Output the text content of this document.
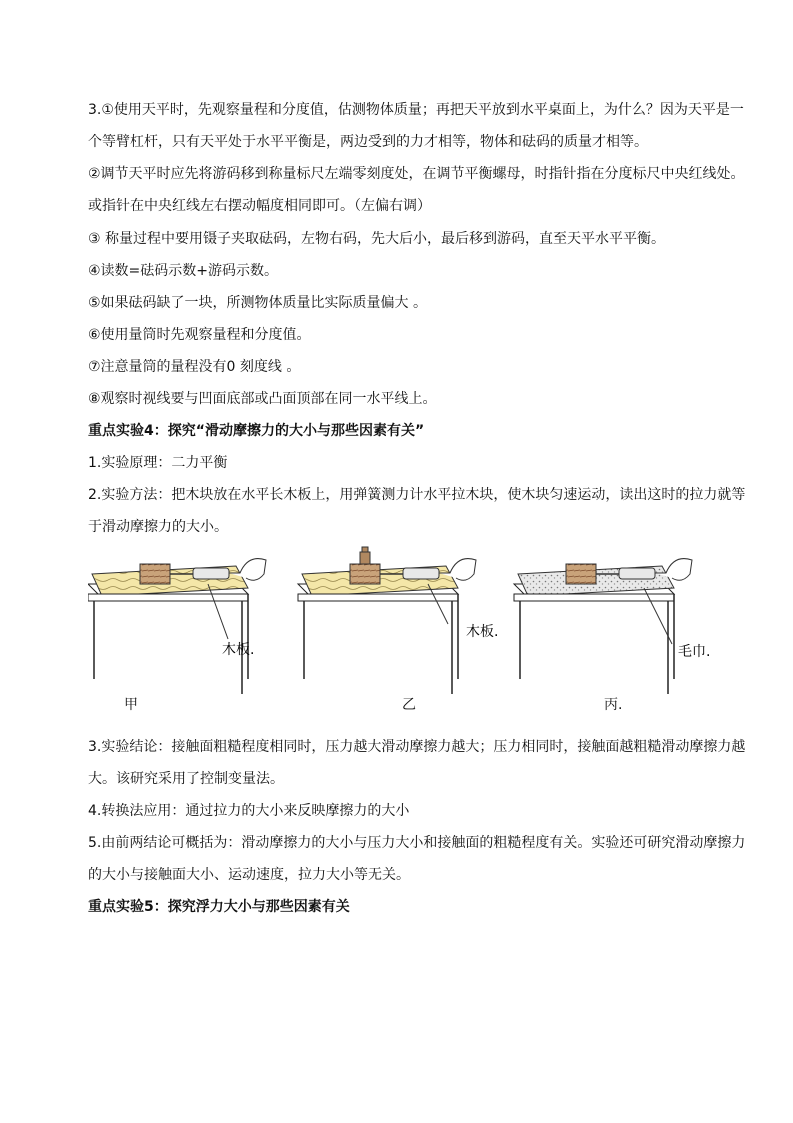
3.①使用天平时，先观察量程和分度值，估测物体质量；再把天平放到水平桌面上，为什么？因为天平是一
个等臂杠杆，只有天平处于水平平衡是，两边受到的力才相等，物体和砝码的质量才相等。
②调节天平时应先将游码移到称量标尺左端零刻度处，在调节平衡螺母，时指针指在分度标尺中央红线处。
或指针在中央红线左右摆动幅度相同即可。（左偏右调）
③ 称量过程中要用镊子夹取砝码，左物右码，先大后小，最后移到游码，直至天平水平平衡。
④读数=砝码示数+游码示数。
⑤如果砝码缺了一块，所测物体质量比实际质量偏大 。
⑥使用量筒时先观察量程和分度值。
⑦注意量筒的量程没有0 刻度线 。
⑧观察时视线要与凹面底部或凸面顶部在同一水平线上。
重点实验4：探究“滑动摩擦力的大小与那些因素有关”
1.实验原理：二力平衡
2.实验方法：把木块放在水平长木板上，用弹簧测力计水平拉木块，使木块匀速运动，读出这时的拉力就等
于滑动摩擦力的大小。
木板.
木板.
毛巾.
甲	乙	丙.
3.实验结论：接触面粗糙程度相同时，压力越大滑动摩擦力越大；压力相同时，接触面越粗糙滑动摩擦力越
大。该研究采用了控制变量法。
4.转换法应用：通过拉力的大小来反映摩擦力的大小
5.由前两结论可概括为：滑动摩擦力的大小与压力大小和接触面的粗糙程度有关。实验还可研究滑动摩擦力
的大小与接触面大小、运动速度，拉力大小等无关。
重点实验5：探究浮力大小与那些因素有关
